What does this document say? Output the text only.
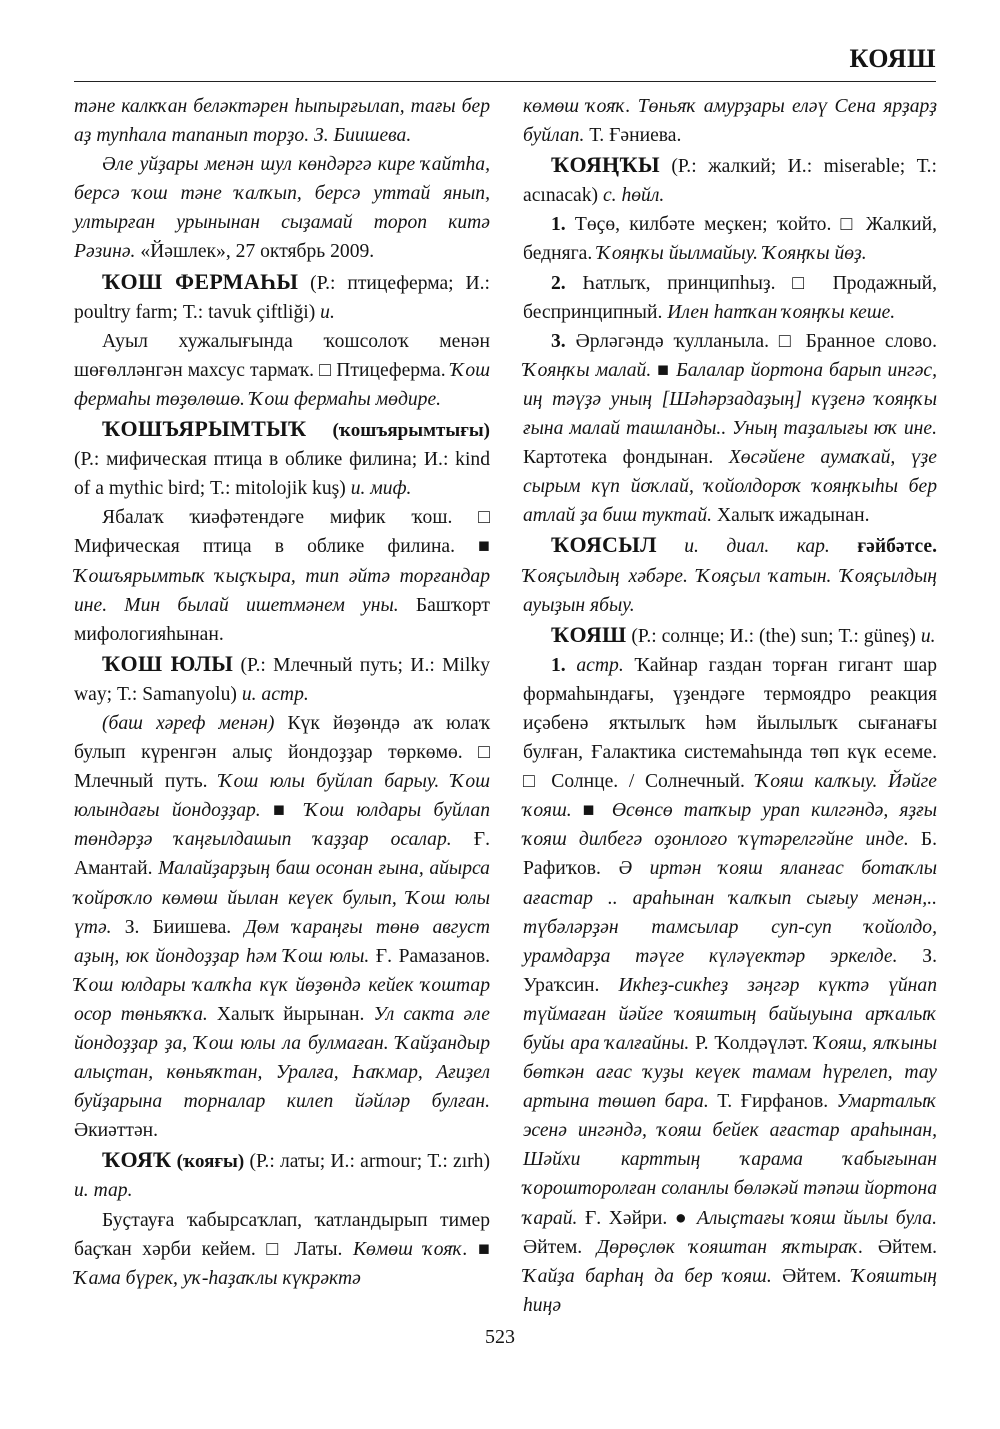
КОЯШ

тәне калкҡан беләктәрен һыпырғылап, тағы бер аҙ тупһала тапанып торҙо. З. Биишева.

Әле уйҙары менән шул көндәргә кире ҡайтһа, берсә ҡош тәне ҡалҡып, берсә уттай янып, ултырған урынынан сыҙамай тороп китә Рәзинә. «Йәшлек», 27 октябрь 2009.

ҠОШ ФЕРМАҺЫ (Р.: птицеферма; И.: poultry farm; Т.: tavuk çiftliği) и.

Ауыл хужалығында ҡошсолоҡ менән шөғөлләнгән махсус тармаҡ. □ Птицеферма. Ҡош фермаһы төҙөлөшө. Ҡош фермаһы мөдире.

ҠОШЪЯРЫМТЫҠ (ҡошъярымтығы) (Р.: мифическая птица в облике филина; И.: kind of a mythic bird; Т.: mitolojik kuş) и. миф.

Ябалаҡ ҡиәфәтендәге мифик ҡош. □ Мифическая птица в облике филина. ■ Ҡошъярымтыҡ ҡыҫҡыра, тип әйтә торғандар ине. Мин былай ишетмәнем уны. Башҡорт мифологияһынан.

ҠОШ ЮЛЫ (Р.: Млечный путь; И.: Milky way; Т.: Samanyolu) и. астр.

(баш хәреф менән) Күк йөҙөндә аҡ юлаҡ булып күренгән алыҫ йондоҙҙар төркөмө. □ Млечный путь. Ҡош юлы буйлап барыу. Ҡош юлындағы йондоҙҙар. ■ Ҡош юлдары буйлап төндәрҙә ҡаңғылдашып ҡаҙҙар осалар. Ғ. Амантай. Малайҙарҙың баш осонан ғына, айырса ҡойроҡло көмөш йылан кеүек булып, Ҡош юлы үтә. З. Биишева. Дөм ҡараңғы төнө август аҙың, юк йондоҙҙар һәм Ҡош юлы. Ғ. Рамазанов. Ҡош юлдары ҡалҡһа күк йөҙөндә кейек ҡоштар осор төньяҡҡа. Халыҡ йырынан. Ул сакта әле йондоҙҙар ҙа, Ҡош юлы ла булмаған. Ҡайҙандыр алыҫтан, көньяҡтан, Уралға, Һаҡмар, Ағиҙел буйҙарына торналар килеп йәйләр булған. Әкиәттән.

ҠОЯҠ (ҡояғы) (Р.: латы; И.: armour; Т.: zırh) и. тар.

Буҫтауға ҡабырсаҡлап, ҡатландырып тимер баҫҡан хәрби кейем. □ Латы. Көмөш ҡояҡ. ■ Ҡама бүрек, уҡ-һаҙаҡлы күкрәктә

көмөш ҡояҡ. Төньяҡ амурҙары еләү Сена ярҙарҙ буйлап. Т. Ғәниева.

ҠОЯҢҠЫ (Р.: жалкий; И.: miserable; Т.: acınacak) с. һөйл.

1. Төҫө, килбәте меҫкен; ҡойто. □ Жалкий, бедняга. Ҡояңҡы йылмайыу. Ҡояңҡы йөҙ.

2. Һатлыҡ, принципһыҙ. □ Продажный, беспринципный. Илен һатҡан ҡояңҡы кеше.

3. Әрләгәндә ҡулланыла. □ Бранное слово. Ҡояңҡы малай. ■ Балалар йортона барып ингәс, иң тәүҙә уның [Шәһәрзадаҙың] күҙенә ҡояңҡы ғына малай ташланды.. Уның таҙалығы юҡ ине. Картотека фондынан. Хөсәйене аумаҡай, үҙе сырым күп йоҡлай, ҡойолдороҡ ҡояңҡыһы бер атлай ҙа биш туктай. Халыҡ ижадынан.

ҠОЯСЫЛ и. диал. кар. ғәйбәтсе. Ҡояҫылдың хәбәре. Ҡояҫыл ҡатын. Ҡояҫылдың ауыҙын ябыу.

ҠОЯШ (Р.: солнце; И.: (the) sun; Т.: güneş) и.

1. астр. Ҡайнар газдан торған гигант шар формаһындағы, үҙендәге термоядро реакция иҫәбенә яҡтылыҡ һәм йылылыҡ сығанағы булған, Ғалактика системаһында төп күк есеме. □ Солнце. / Солнечный. Ҡояш калҡыу. Йәйге ҡояш. ■ Өсөнсө тапҡыр урап килгәндә, яҙғы ҡояш дилбегә оҙонлоғо ҡүтәрелгәйне инде. Б. Рафиҡов. Ә иртән ҡояш яланғас ботаҡлы ағастар .. араһынан ҡалҡып сығыу менән,.. түбәләрҙән тамсылар суп-суп ҡойолдо, урамдарҙа тәүге күләүектәр эркелде. З. Ураҡсин. Икһеҙ-сикһеҙ зәңгәр күктә үйнап түймаған йәйге ҡояштың байыуына арҡалыҡ буйы ара ҡалғайны. Р. Ҡолдәүләт. Ҡояш, ялҡыны бөткән ағас ҡуҙы кеүек тамам һүрелеп, тау артына төшөп бара. Т. Ғирфанов. Умарталыҡ эсенә ингәндә, ҡояш бейек ағастар араһынан, Шәйхи карттың ҡарама ҡабығынан ҡорошторолған соланлы бөләкәй тәпәш йортона ҡарай. Ғ. Хәйри. ● Алыҫтағы ҡояш йылы була. Әйтем. Дөрөҫлөк ҡояштан яҡтыраҡ. Әйтем. Ҡайҙа барһаң да бер ҡояш. Әйтем. Ҡояштың һиңә

523
